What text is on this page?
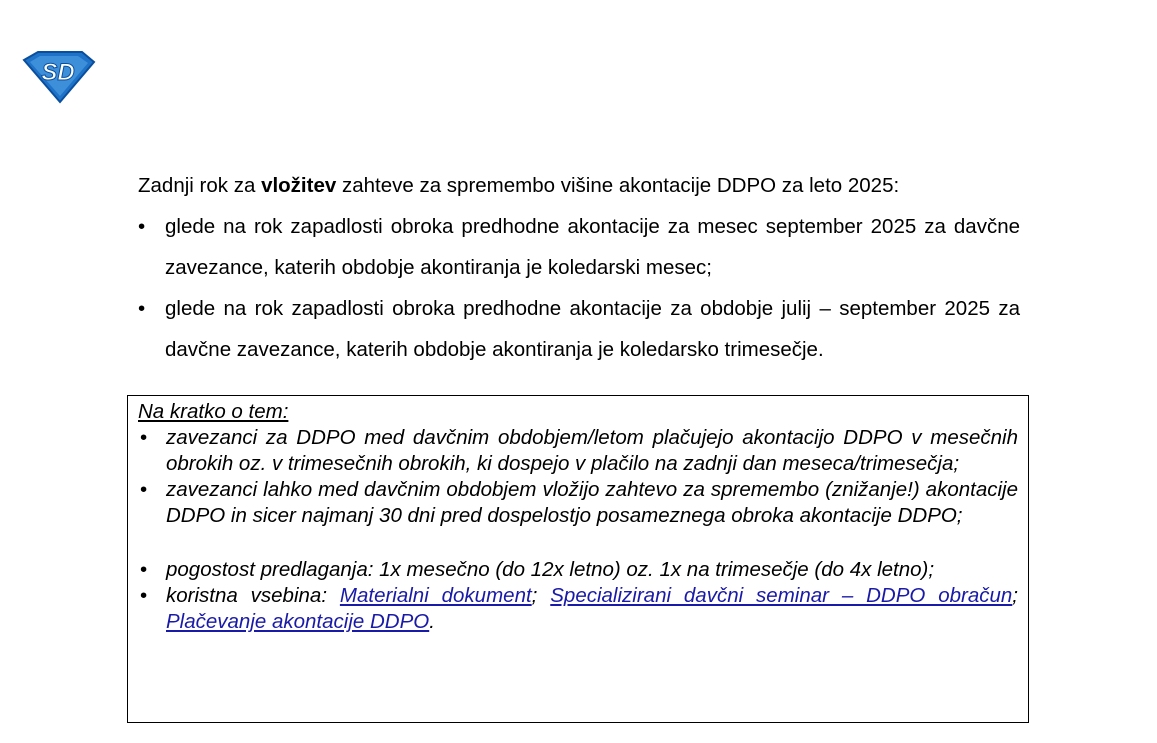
SD

Zadnji rok za vložitev zahteve za spremembo višine akontacije DDPO za leto 2025:

• glede na rok zapadlosti obroka predhodne akontacije za mesec september 2025 za davčne zavezance, katerih obdobje akontiranja je koledarski mesec;
• glede na rok zapadlosti obroka predhodne akontacije za obdobje julij – september 2025 za davčne zavezance, katerih obdobje akontiranja je koledarsko trimesečje.

Na kratko o tem:

• zavezanci za DDPO med davčnim obdobjem/letom plačujejo akontacijo DDPO v mesečnih obrokih oz. v trimesečnih obrokih, ki dospejo v plačilo na zadnji dan meseca/trimesečja;
• zavezanci lahko med davčnim obdobjem vložijo zahtevo za spremembo (znižanje!) akontacije DDPO in sicer najmanj 30 dni pred dospelostjo posameznega obroka akontacije DDPO;
• pogostost predlaganja: 1x mesečno (do 12x letno) oz. 1x na trimesečje (do 4x letno);
• koristna vsebina: Materialni dokument; Specializirani davčni seminar – DDPO obračun; Plačevanje akontacije DDPO.
